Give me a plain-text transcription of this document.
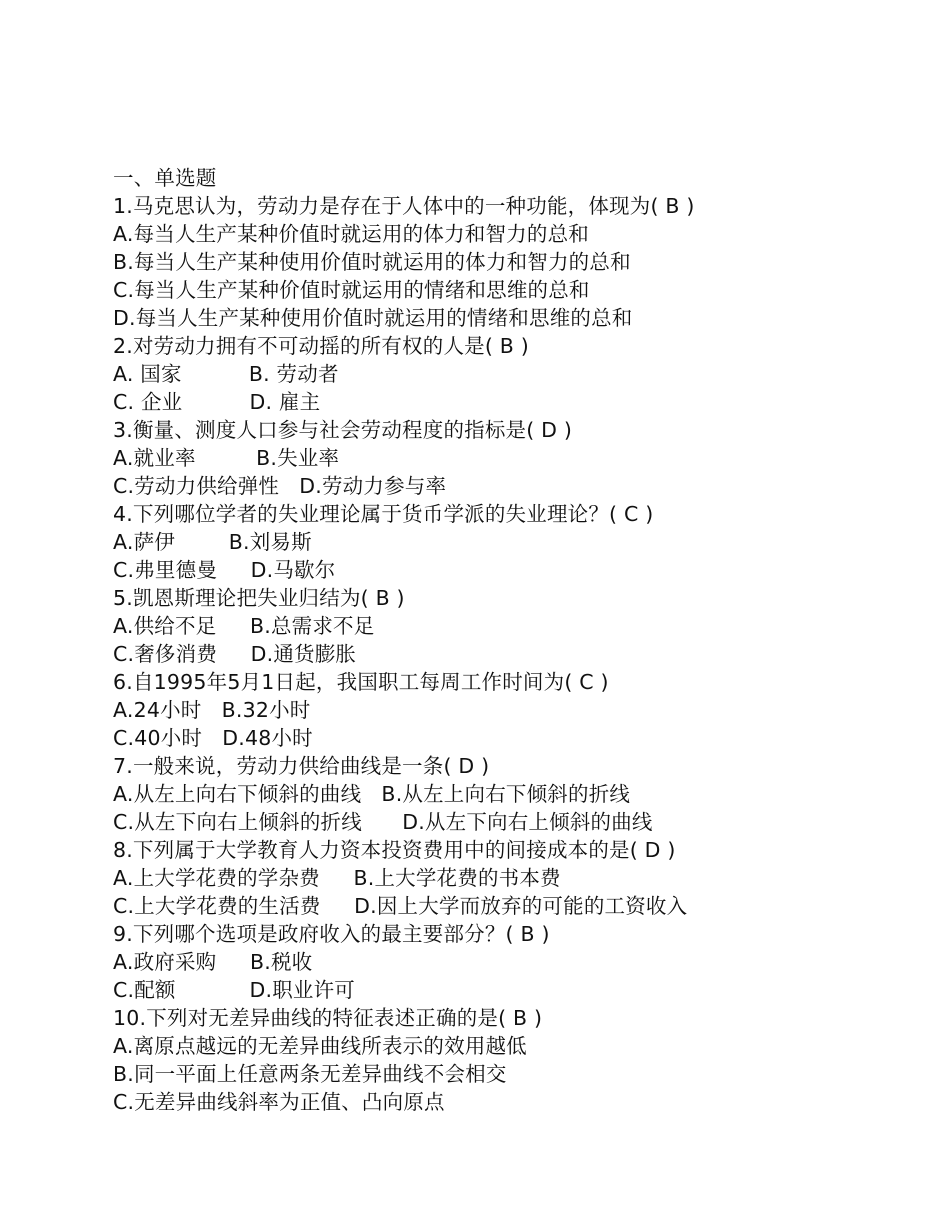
一、单选题
1.马克思认为，劳动力是存在于人体中的一种功能，体现为( B )
A.每当人生产某种价值时就运用的体力和智力的总和
B.每当人生产某种使用价值时就运用的体力和智力的总和
C.每当人生产某种价值时就运用的情绪和思维的总和
D.每当人生产某种使用价值时就运用的情绪和思维的总和
2.对劳动力拥有不可动摇的所有权的人是( B )
A. 国家          B. 劳动者
C. 企业          D. 雇主
3.衡量、测度人口参与社会劳动程度的指标是( D )
A.就业率         B.失业率
C.劳动力供给弹性   D.劳动力参与率
4.下列哪位学者的失业理论属于货币学派的失业理论？( C )
A.萨伊        B.刘易斯
C.弗里德曼     D.马歇尔
5.凯恩斯理论把失业归结为( B )
A.供给不足     B.总需求不足
C.奢侈消费     D.通货膨胀
6.自1995年5月1日起，我国职工每周工作时间为( C )
A.24小时   B.32小时
C.40小时   D.48小时
7.一般来说，劳动力供给曲线是一条( D )
A.从左上向右下倾斜的曲线   B.从左上向右下倾斜的折线
C.从左下向右上倾斜的折线      D.从左下向右上倾斜的曲线
8.下列属于大学教育人力资本投资费用中的间接成本的是( D )
A.上大学花费的学杂费     B.上大学花费的书本费
C.上大学花费的生活费     D.因上大学而放弃的可能的工资收入
9.下列哪个选项是政府收入的最主要部分？( B )
A.政府采购     B.税收
C.配额           D.职业许可
10.下列对无差异曲线的特征表述正确的是( B )
A.离原点越远的无差异曲线所表示的效用越低
B.同一平面上任意两条无差异曲线不会相交
C.无差异曲线斜率为正值、凸向原点
